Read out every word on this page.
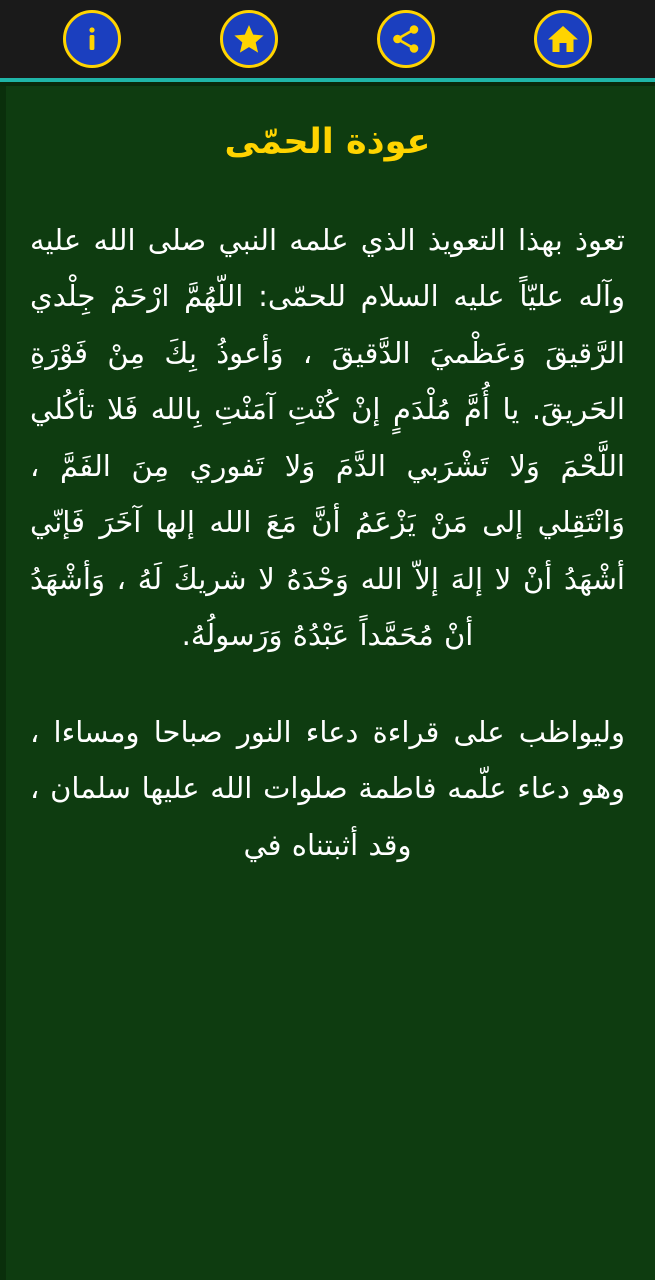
عوذة الحمّى

تعوذ بهذا التعويذ الذي علمه النبي صلى الله عليه وآله عليّاً عليه السلام للحمّى: اللّهُمَّ ارْحَمْ جِلْدي الرَّقيقَ وَعَظْميَ الدَّقيقَ ، وَأعوذُ بِكَ مِنْ فَوْرَةِ الحَريقَ. يا أُمَّ مُلْدَمٍ إنْ كُنْتِ آمَنْتِ بِالله فَلا تأكُلي اللَّحْمَ وَلا تَشْرَبي الدَّمَ وَلا تَفوري مِنَ الفَمَّ ، وَانْتَقِلي إلى مَنْ يَزْعَمُ أنَّ مَعَ الله إلها آخَرَ فَإنّي أشْهَدُ أنْ لا إلهَ إلاّ الله وَحْدَهُ لا شريكَ لَهُ ، وَأشْهَدُ أنْ مُحَمَّداً عَبْدُهُ وَرَسولُهُ.

وليواظب على قراءة دعاء النور صباحا ومساءا ، وهو دعاء علّمه فاطمة صلوات الله عليها سلمان ، وقد أثبتناه في
